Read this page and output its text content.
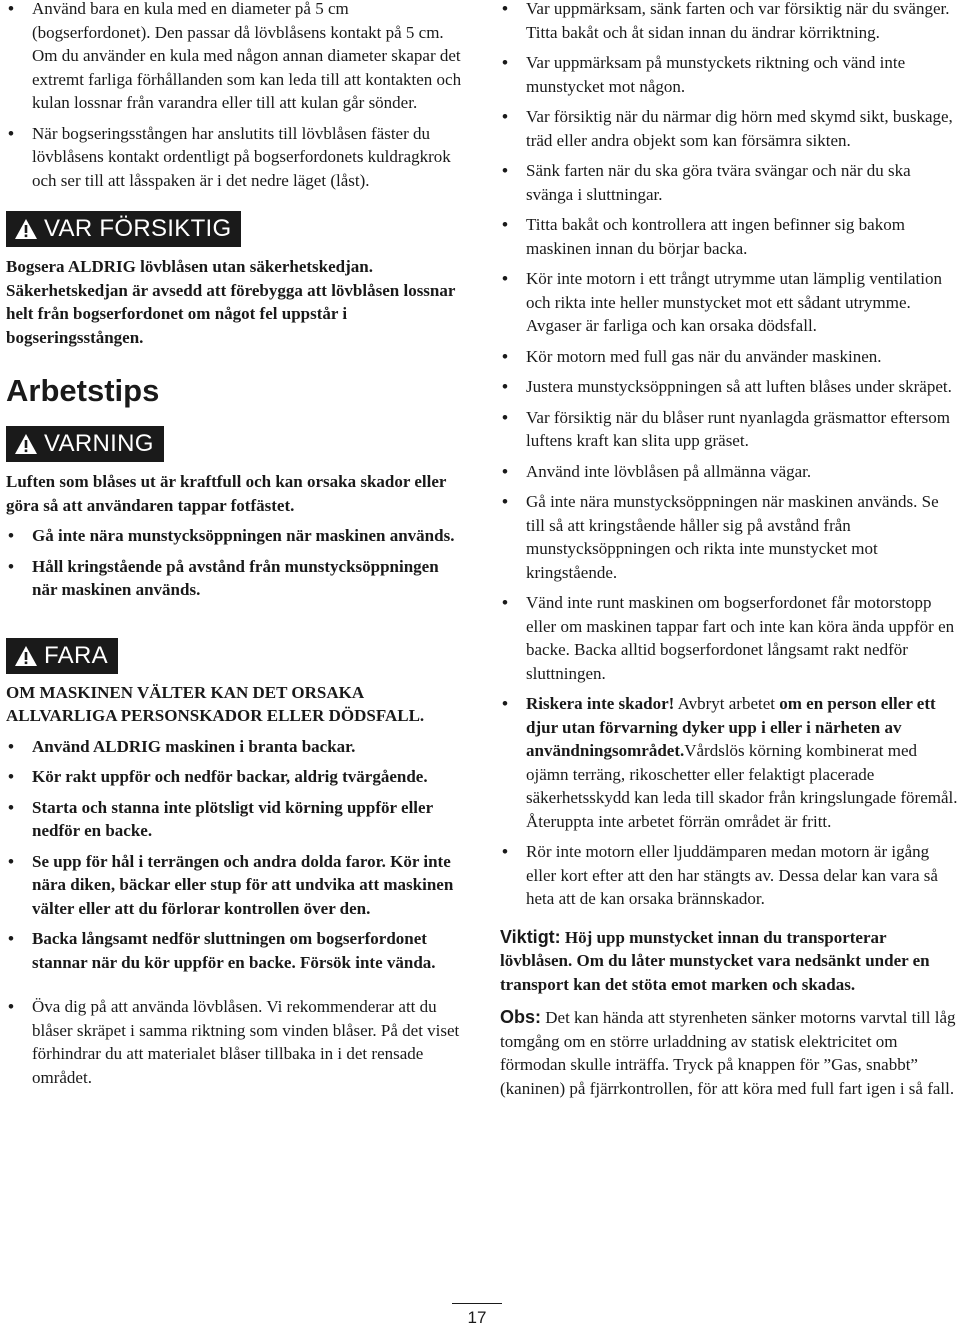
• Använd bara en kula med en diameter på 5 cm (bogserfordonet). Den passar då lövblåsens kontakt på 5 cm. Om du använder en kula med någon annan diameter skapar det extremt farliga förhållanden som kan leda till att kontakten och kulan lossnar från varandra eller till att kulan går sönder.
• När bogseringsstången har anslutits till lövblåsen fäster du lövblåsens kontakt ordentligt på bogserfordonets kuldragkrok och ser till att låsspaken är i det nedre läget (låst).
VAR FÖRSIKTIG

Bogsera ALDRIG lövblåsen utan säkerhetskedjan. Säkerhetskedjan är avsedd att förebygga att lövblåsen lossnar helt från bogserfordonet om något fel uppstår i bogseringsstången.

Arbetstips
VARNING

Luften som blåses ut är kraftfull och kan orsaka skador eller göra så att användaren tappar fotfästet.

• Gå inte nära munstycksöppningen när maskinen används.
• Håll kringstående på avstånd från munstycksöppningen när maskinen används.
FARA

OM MASKINEN VÄLTER KAN DET ORSAKA ALLVARLIGA PERSONSKADOR ELLER DÖDSFALL.

• Använd ALDRIG maskinen i branta backar.
• Kör rakt uppför och nedför backar, aldrig tvärgående.
• Starta och stanna inte plötsligt vid körning uppför eller nedför en backe.
• Se upp för hål i terrängen och andra dolda faror. Kör inte nära diken, bäckar eller stup för att undvika att maskinen välter eller att du förlorar kontrollen över den.
• Backa långsamt nedför sluttningen om bogserfordonet stannar när du kör uppför en backe. Försök inte vända.
• Öva dig på att använda lövblåsen. Vi rekommenderar att du blåser skräpet i samma riktning som vinden blåser. På det viset förhindrar du att materialet blåser tillbaka in i det rensade området.
• Var uppmärksam, sänk farten och var försiktig när du svänger. Titta bakåt och åt sidan innan du ändrar körriktning.
• Var uppmärksam på munstyckets riktning och vänd inte munstycket mot någon.
• Var försiktig när du närmar dig hörn med skymd sikt, buskage, träd eller andra objekt som kan försämra sikten.
• Sänk farten när du ska göra tvära svängar och när du ska svänga i sluttningar.
• Titta bakåt och kontrollera att ingen befinner sig bakom maskinen innan du börjar backa.
• Kör inte motorn i ett trångt utrymme utan lämplig ventilation och rikta inte heller munstycket mot ett sådant utrymme. Avgaser är farliga och kan orsaka dödsfall.
• Kör motorn med full gas när du använder maskinen.
• Justera munstycksöppningen så att luften blåses under skräpet.
• Var försiktig när du blåser runt nyanlagda gräsmattor eftersom luftens kraft kan slita upp gräset.
• Använd inte lövblåsen på allmänna vägar.
• Gå inte nära munstycksöppningen när maskinen används. Se till så att kringstående håller sig på avstånd från munstycksöppningen och rikta inte munstycket mot kringstående.
• Vänd inte runt maskinen om bogserfordonet får motorstopp eller om maskinen tappar fart och inte kan köra ända uppför en backe. Backa alltid bogserfordonet långsamt rakt nedför sluttningen.
• Riskera inte skador! Avbryt arbetet om en person eller ett djur utan förvarning dyker upp i eller i närheten av användningsområdet.Vårdslös körning kombinerat med ojämn terräng, rikoschetter eller felaktigt placerade säkerhetsskydd kan leda till skador från kringslungade föremål. Återuppta inte arbetet förrän området är fritt.
• Rör inte motorn eller ljuddämparen medan motorn är igång eller kort efter att den har stängts av. Dessa delar kan vara så heta att de kan orsaka brännskador.

Viktigt: Höj upp munstycket innan du transporterar lövblåsen. Om du låter munstycket vara nedsänkt under en transport kan det stöta emot marken och skadas.

Obs: Det kan hända att styrenheten sänker motorns varvtal till låg tomgång om en större urladdning av statisk elektricitet om förmodan skulle inträffa. Tryck på knappen för ”Gas, snabbt” (kaninen) på fjärrkontrollen, för att köra med full fart igen i så fall.

17
